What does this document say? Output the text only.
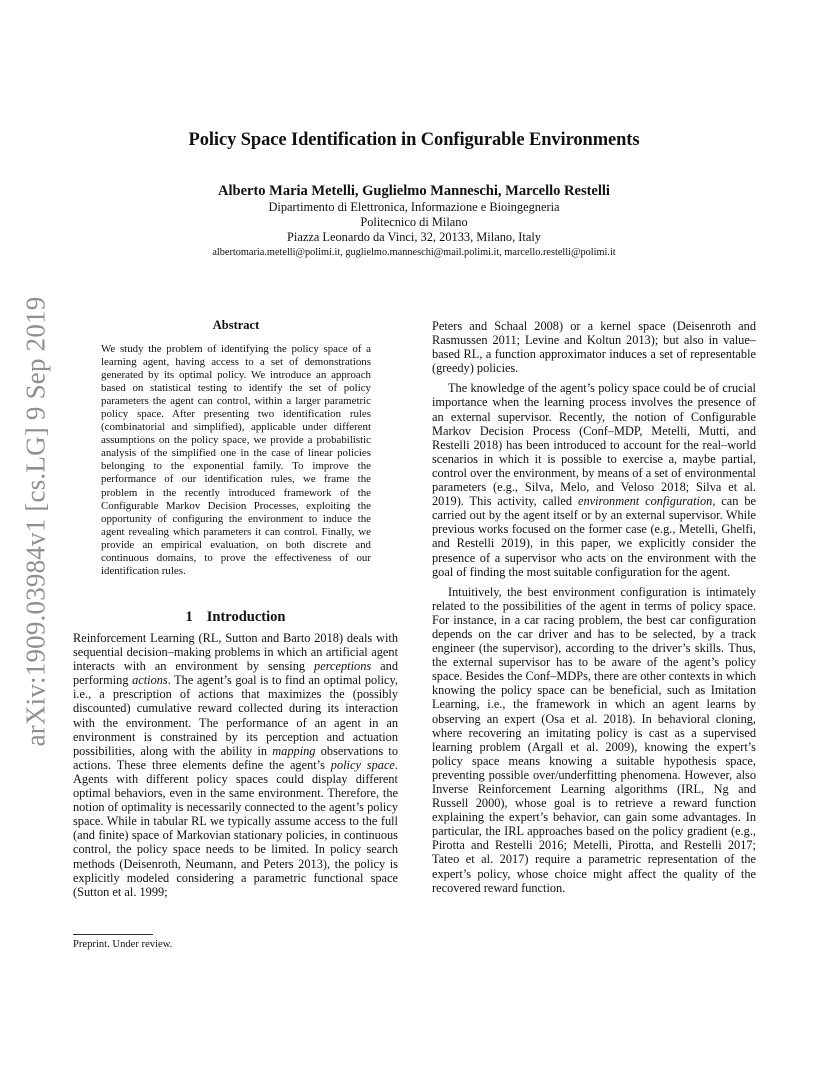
arXiv:1909.03984v1 [cs.LG] 9 Sep 2019
Policy Space Identification in Configurable Environments
Alberto Maria Metelli, Guglielmo Manneschi, Marcello Restelli
Dipartimento di Elettronica, Informazione e Bioingegneria
Politecnico di Milano
Piazza Leonardo da Vinci, 32, 20133, Milano, Italy
albertomaria.metelli@polimi.it, guglielmo.manneschi@mail.polimi.it, marcello.restelli@polimi.it
Abstract

We study the problem of identifying the policy space of a learning agent, having access to a set of demonstrations generated by its optimal policy. We introduce an approach based on statistical testing to identify the set of policy parameters the agent can control, within a larger parametric policy space. After presenting two identification rules (combinatorial and simplified), applicable under different assumptions on the policy space, we provide a probabilistic analysis of the simplified one in the case of linear policies belonging to the exponential family. To improve the performance of our identification rules, we frame the problem in the recently introduced framework of the Configurable Markov Decision Processes, exploiting the opportunity of configuring the environment to induce the agent revealing which parameters it can control. Finally, we provide an empirical evaluation, on both discrete and continuous domains, to prove the effectiveness of our identification rules.

1 Introduction

Reinforcement Learning (RL, Sutton and Barto 2018) deals with sequential decision–making problems in which an artificial agent interacts with an environment by sensing perceptions and performing actions. The agent’s goal is to find an optimal policy, i.e., a prescription of actions that maximizes the (possibly discounted) cumulative reward collected during its interaction with the environment. The performance of an agent in an environment is constrained by its perception and actuation possibilities, along with the ability in mapping observations to actions. These three elements define the agent’s policy space. Agents with different policy spaces could display different optimal behaviors, even in the same environment. Therefore, the notion of optimality is necessarily connected to the agent’s policy space. While in tabular RL we typically assume access to the full (and finite) space of Markovian stationary policies, in continuous control, the policy space needs to be limited. In policy search methods (Deisenroth, Neumann, and Peters 2013), the policy is explicitly modeled considering a parametric functional space (Sutton et al. 1999;

Peters and Schaal 2008) or a kernel space (Deisenroth and Rasmussen 2011; Levine and Koltun 2013); but also in value–based RL, a function approximator induces a set of representable (greedy) policies.

The knowledge of the agent’s policy space could be of crucial importance when the learning process involves the presence of an external supervisor. Recently, the notion of Configurable Markov Decision Process (Conf–MDP, Metelli, Mutti, and Restelli 2018) has been introduced to account for the real–world scenarios in which it is possible to exercise a, maybe partial, control over the environment, by means of a set of environmental parameters (e.g., Silva, Melo, and Veloso 2018; Silva et al. 2019). This activity, called environment configuration, can be carried out by the agent itself or by an external supervisor. While previous works focused on the former case (e.g., Metelli, Ghelfi, and Restelli 2019), in this paper, we explicitly consider the presence of a supervisor who acts on the environment with the goal of finding the most suitable configuration for the agent.

Intuitively, the best environment configuration is intimately related to the possibilities of the agent in terms of policy space. For instance, in a car racing problem, the best car configuration depends on the car driver and has to be selected, by a track engineer (the supervisor), according to the driver’s skills. Thus, the external supervisor has to be aware of the agent’s policy space. Besides the Conf–MDPs, there are other contexts in which knowing the policy space can be beneficial, such as Imitation Learning, i.e., the framework in which an agent learns by observing an expert (Osa et al. 2018). In behavioral cloning, where recovering an imitating policy is cast as a supervised learning problem (Argall et al. 2009), knowing the expert’s policy space means knowing a suitable hypothesis space, preventing possible over/underfitting phenomena. However, also Inverse Reinforcement Learning algorithms (IRL, Ng and Russell 2000), whose goal is to retrieve a reward function explaining the expert’s behavior, can gain some advantages. In particular, the IRL approaches based on the policy gradient (e.g., Pirotta and Restelli 2016; Metelli, Pirotta, and Restelli 2017; Tateo et al. 2017) require a parametric representation of the expert’s policy, whose choice might affect the quality of the recovered reward function.

Preprint. Under review.
